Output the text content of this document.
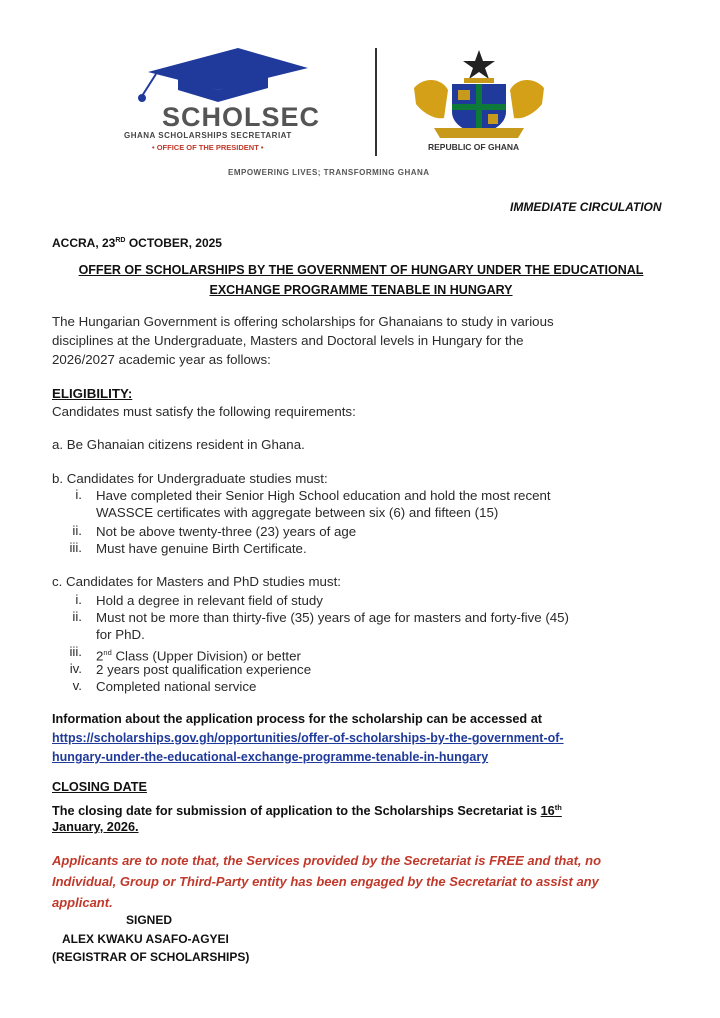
SCHOLSEC
GHANA SCHOLARSHIPS SECRETARIAT
• OFFICE OF THE PRESIDENT •	REPUBLIC OF GHANA
EMPOWERING LIVES; TRANSFORMING GHANA
IMMEDIATE CIRCULATION
ACCRA, 23RD OCTOBER, 2025
OFFER OF SCHOLARSHIPS BY THE GOVERNMENT OF HUNGARY UNDER THE EDUCATIONAL
EXCHANGE PROGRAMME TENABLE IN HUNGARY
The Hungarian Government is offering scholarships for Ghanaians to study in various
disciplines at the Undergraduate, Masters and Doctoral levels in Hungary for the
2026/2027 academic year as follows:
ELIGIBILITY:
Candidates must satisfy the following requirements:
a. Be Ghanaian citizens resident in Ghana.
b. Candidates for Undergraduate studies must:
i. Have completed their Senior High School education and hold the most recent
WASSCE certificates with aggregate between six (6) and fifteen (15)
ii. Not be above twenty-three (23) years of age
iii. Must have genuine Birth Certificate.
c. Candidates for Masters and PhD studies must:
i. Hold a degree in relevant field of study
ii. Must not be more than thirty-five (35) years of age for masters and forty-five (45)
for PhD.
iii. 2nd Class (Upper Division) or better
iv. 2 years post qualification experience
v. Completed national service
Information about the application process for the scholarship can be accessed at
https://scholarships.gov.gh/opportunities/offer-of-scholarships-by-the-government-of-
hungary-under-the-educational-exchange-programme-tenable-in-hungary
CLOSING DATE
The closing date for submission of application to the Scholarships Secretariat is 16th
January, 2026.
Applicants are to note that, the Services provided by the Secretariat is FREE and that, no
Individual, Group or Third-Party entity has been engaged by the Secretariat to assist any
applicant.
SIGNED
ALEX KWAKU ASAFO-AGYEI
(REGISTRAR OF SCHOLARSHIPS)
